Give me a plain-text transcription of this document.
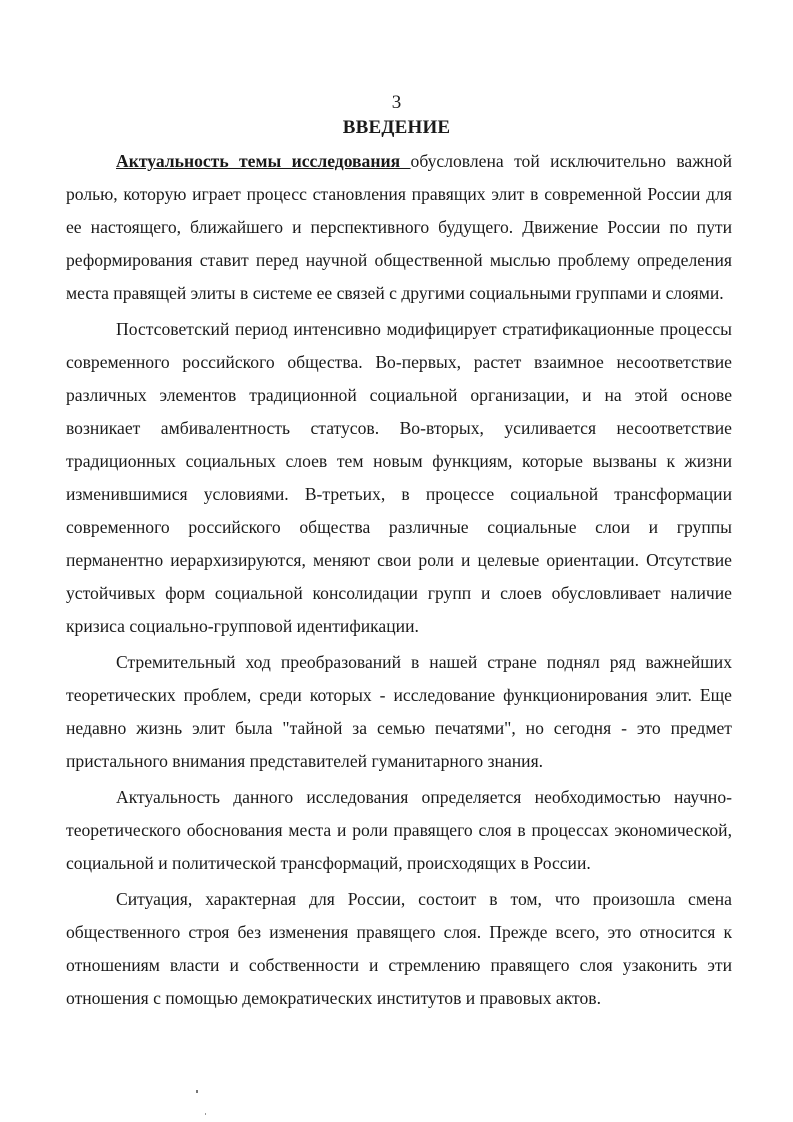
3
ВВЕДЕНИЕ

Актуальность темы исследования обусловлена той исключительно важной ролью, которую играет процесс становления правящих элит в современной России для ее настоящего, ближайшего и перспективного будущего. Движение России по пути реформирования ставит перед научной общественной мыслью проблему определения места правящей элиты в системе ее связей с другими социальными группами и слоями.

Постсоветский период интенсивно модифицирует стратификационные процессы современного российского общества. Во-первых, растет взаимное несоответствие различных элементов традиционной социальной организации, и на этой основе возникает амбивалентность статусов. Во-вторых, усиливается несоответствие традиционных социальных слоев тем новым функциям, которые вызваны к жизни изменившимися условиями. В-третьих, в процессе социальной трансформации современного российского общества различные социальные слои и группы перманентно иерархизируются, меняют свои роли и целевые ориентации. Отсутствие устойчивых форм социальной консолидации групп и слоев обусловливает наличие кризиса социально-групповой идентификации.

Стремительный ход преобразований в нашей стране поднял ряд важнейших теоретических проблем, среди которых - исследование функционирования элит. Еще недавно жизнь элит была "тайной за семью печатями", но сегодня - это предмет пристального внимания представителей гуманитарного знания.

Актуальность данного исследования определяется необходимостью научно-теоретического обоснования места и роли правящего слоя в процессах экономической, социальной и политической трансформаций, происходящих в России.

Ситуация, характерная для России, состоит в том, что произошла смена общественного строя без изменения правящего слоя. Прежде всего, это относится к отношениям власти и собственности и стремлению правящего слоя узаконить эти отношения с помощью демократических институтов и правовых актов.
